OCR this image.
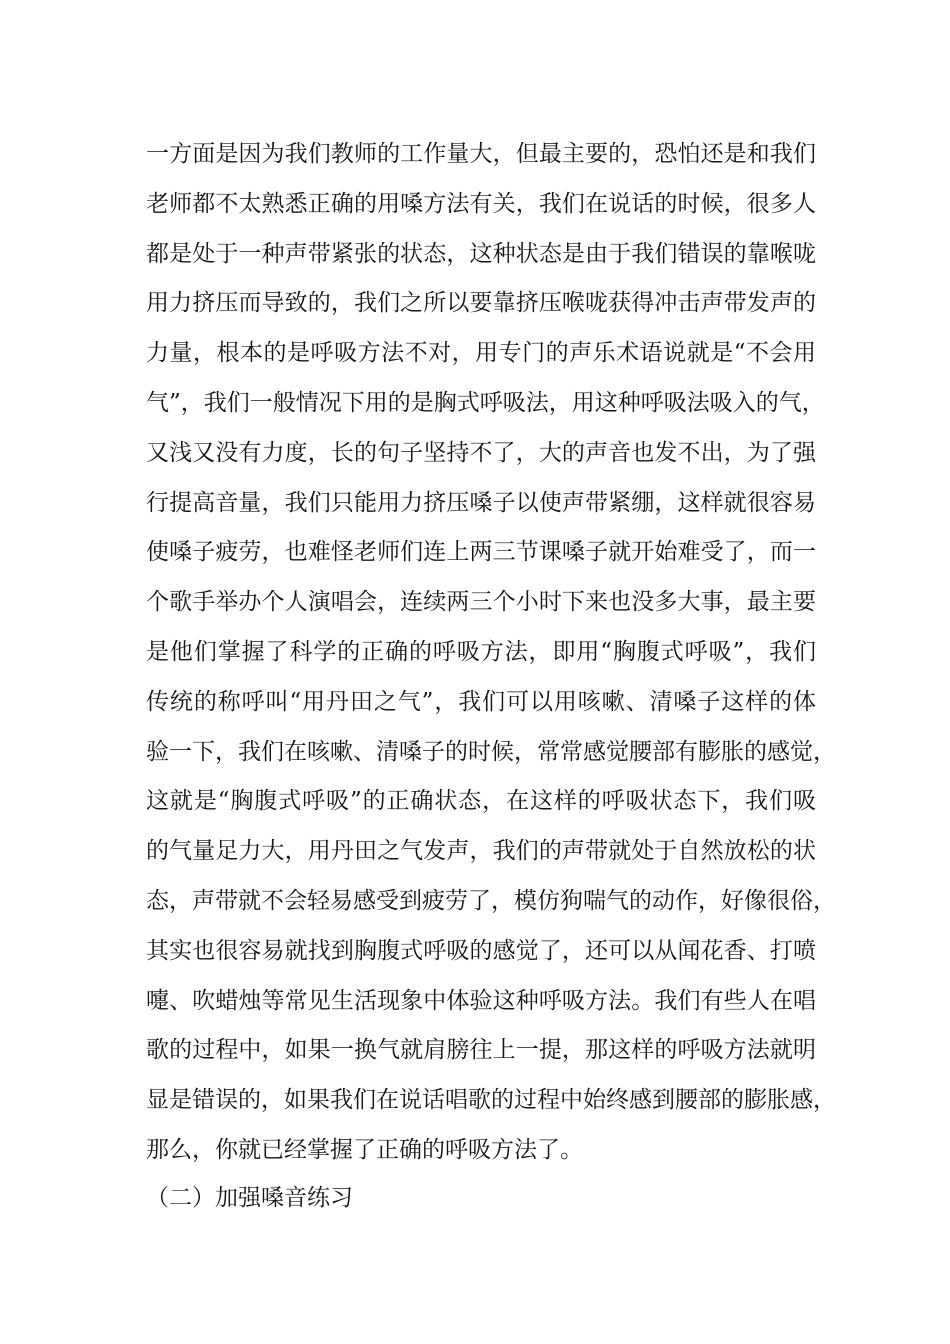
一方面是因为我们教师的工作量大，但最主要的，恐怕还是和我们
老师都不太熟悉正确的用嗓方法有关，我们在说话的时候，很多人
都是处于一种声带紧张的状态，这种状态是由于我们错误的靠喉咙
用力挤压而导致的，我们之所以要靠挤压喉咙获得冲击声带发声的
力量，根本的是呼吸方法不对，用专门的声乐术语说就是“不会用
气”，我们一般情况下用的是胸式呼吸法，用这种呼吸法吸入的气，
又浅又没有力度，长的句子坚持不了，大的声音也发不出，为了强
行提高音量，我们只能用力挤压嗓子以使声带紧绷，这样就很容易
使嗓子疲劳，也难怪老师们连上两三节课嗓子就开始难受了，而一
个歌手举办个人演唱会，连续两三个小时下来也没多大事，最主要
是他们掌握了科学的正确的呼吸方法，即用“胸腹式呼吸”，我们
传统的称呼叫“用丹田之气”，我们可以用咳嗽、清嗓子这样的体
验一下，我们在咳嗽、清嗓子的时候，常常感觉腰部有膨胀的感觉，
这就是“胸腹式呼吸”的正确状态，在这样的呼吸状态下，我们吸
的气量足力大，用丹田之气发声，我们的声带就处于自然放松的状
态，声带就不会轻易感受到疲劳了，模仿狗喘气的动作，好像很俗，
其实也很容易就找到胸腹式呼吸的感觉了，还可以从闻花香、打喷
嚏、吹蜡烛等常见生活现象中体验这种呼吸方法。我们有些人在唱
歌的过程中，如果一换气就肩膀往上一提，那这样的呼吸方法就明
显是错误的，如果我们在说话唱歌的过程中始终感到腰部的膨胀感，
那么，你就已经掌握了正确的呼吸方法了。

（二）加强嗓音练习
